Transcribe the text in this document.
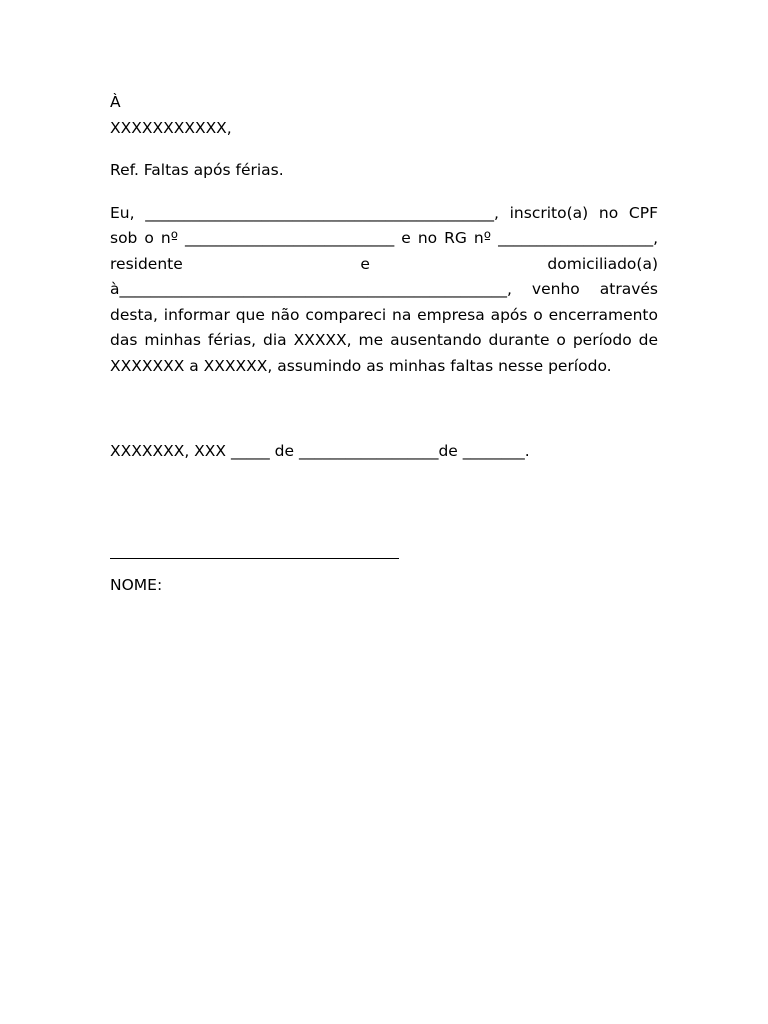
À

XXXXXXXXXXX,

Ref. Faltas após férias.

Eu, _____________________________________________, inscrito(a) no CPF sob o nº ___________________________ e no RG nº ____________________, residente e domiciliado(a) à__________________________________________________, venho através desta, informar que não compareci na empresa após o encerramento das minhas férias, dia XXXXX, me ausentando durante o período de XXXXXXX a XXXXXX, assumindo as minhas faltas nesse período.

XXXXXXX, XXX _____ de __________________de ________.

NOME:
